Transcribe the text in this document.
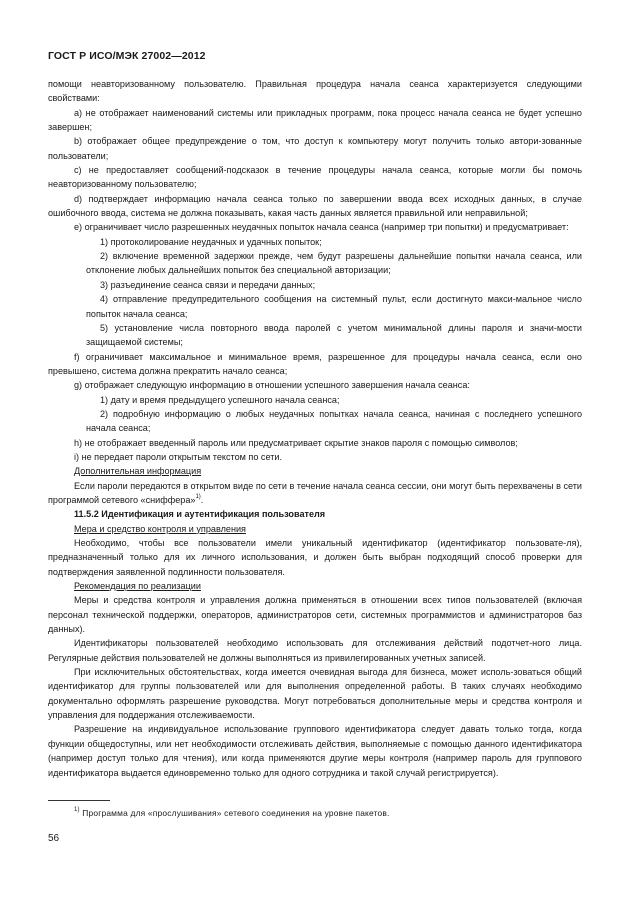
ГОСТ Р ИСО/МЭК 27002—2012

помощи неавторизованному пользователю. Правильная процедура начала сеанса характеризуется следующими свойствами:

a) не отображает наименований системы или прикладных программ, пока процесс начала сеанса не будет успешно завершен;

b) отображает общее предупреждение о том, что доступ к компьютеру могут получить только автори-зованные пользователи;

c) не предоставляет сообщений-подсказок в течение процедуры начала сеанса, которые могли бы помочь неавторизованному пользователю;

d) подтверждает информацию начала сеанса только по завершении ввода всех исходных данных, в случае ошибочного ввода, система не должна показывать, какая часть данных является правильной или неправильной;

e) ограничивает число разрешенных неудачных попыток начала сеанса (например три попытки) и предусматривает:

1) протоколирование неудачных и удачных попыток;

2) включение временной задержки прежде, чем будут разрешены дальнейшие попытки начала сеанса, или отклонение любых дальнейших попыток без специальной авторизации;

3) разъединение сеанса связи и передачи данных;

4) отправление предупредительного сообщения на системный пульт, если достигнуто макси-мальное число попыток начала сеанса;

5) установление числа повторного ввода паролей с учетом минимальной длины пароля и значи-мости защищаемой системы;

f) ограничивает максимальное и минимальное время, разрешенное для процедуры начала сеанса, если оно превышено, система должна прекратить начало сеанса;

g) отображает следующую информацию в отношении успешного завершения начала сеанса:

1) дату и время предыдущего успешного начала сеанса;

2) подробную информацию о любых неудачных попытках начала сеанса, начиная с последнего успешного начала сеанса;

h) не отображает введенный пароль или предусматривает скрытие знаков пароля с помощью символов;

i) не передает пароли открытым текстом по сети.

Дополнительная информация

Если пароли передаются в открытом виде по сети в течение начала сеанса сессии, они могут быть перехвачены в сети программой сетевого «сниффера»$^{1)}$.

11.5.2 Идентификация и аутентификация пользователя

Мера и средство контроля и управления

Необходимо, чтобы все пользователи имели уникальный идентификатор (идентификатор пользовате-ля), предназначенный только для их личного использования, и должен быть выбран подходящий способ проверки для подтверждения заявленной подлинности пользователя.

Рекомендация по реализации

Меры и средства контроля и управления должна применяться в отношении всех типов пользователей (включая персонал технической поддержки, операторов, администраторов сети, системных программистов и администраторов баз данных).

Идентификаторы пользователей необходимо использовать для отслеживания действий подотчет-ного лица. Регулярные действия пользователей не должны выполняться из привилегированных учетных записей.

При исключительных обстоятельствах, когда имеется очевидная выгода для бизнеса, может исполь-зоваться общий идентификатор для группы пользователей или для выполнения определенной работы. В таких случаях необходимо документально оформлять разрешение руководства. Могут потребоваться дополнительные меры и средства контроля и управления для поддержания отслеживаемости.

Разрешение на индивидуальное использование группового идентификатора следует давать только тогда, когда функции общедоступны, или нет необходимости отслеживать действия, выполняемые с помощью данного идентификатора (например доступ только для чтения), или когда применяются другие меры контроля (например пароль для группового идентификатора выдается единовременно только для одного сотрудника и такой случай регистрируется).

$^{1)}$ Программа для «прослушивания» сетевого соединения на уровне пакетов.
56
